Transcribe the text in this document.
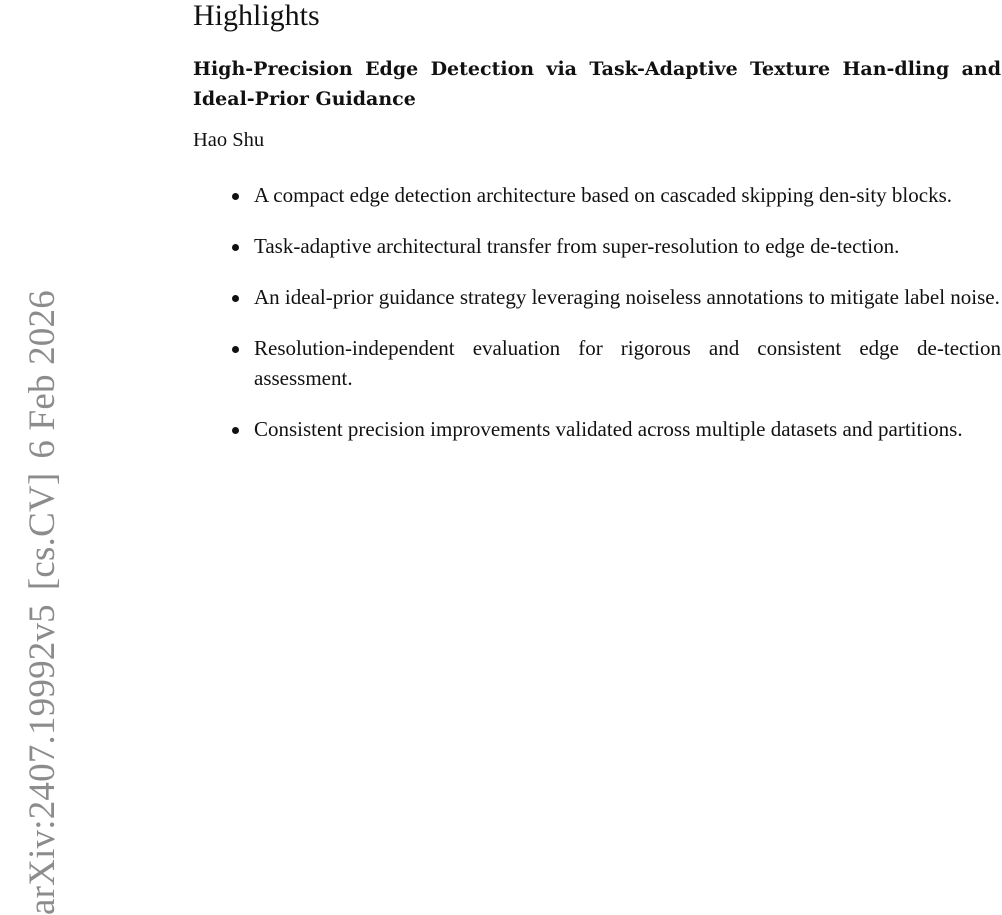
arXiv:2407.19992v5[cs.CV]6 Feb 2026
Highlights
High-Precision Edge Detection via Task-Adaptive Texture Han-dling and Ideal-Prior Guidance
Hao Shu
A compact edge detection architecture based on cascaded skipping den-sity blocks.
Task-adaptive architectural transfer from super-resolution to edge de-tection.
An ideal-prior guidance strategy leveraging noiseless annotations to mitigate label noise.
Resolution-independent evaluation for rigorous and consistent edge de-tection assessment.
Consistent precision improvements validated across multiple datasets and partitions.
